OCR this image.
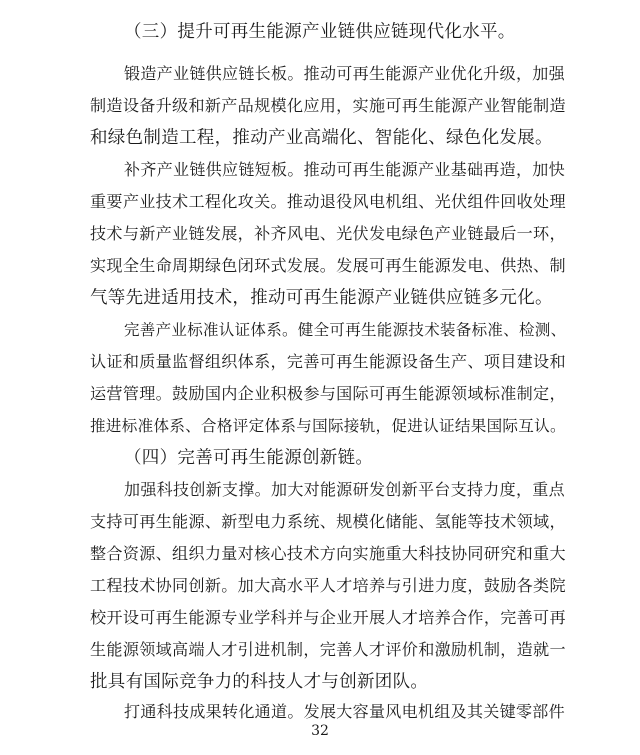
（三）提升可再生能源产业链供应链现代化水平。
锻造产业链供应链长板。推动可再生能源产业优化升级，加强
制造设备升级和新产品规模化应用，实施可再生能源产业智能制造
和绿色制造工程，推动产业高端化、智能化、绿色化发展。
补齐产业链供应链短板。推动可再生能源产业基础再造，加快
重要产业技术工程化攻关。推动退役风电机组、光伏组件回收处理
技术与新产业链发展，补齐风电、光伏发电绿色产业链最后一环，
实现全生命周期绿色闭环式发展。发展可再生能源发电、供热、制
气等先进适用技术，推动可再生能源产业链供应链多元化。
完善产业标准认证体系。健全可再生能源技术装备标准、检测、
认证和质量监督组织体系，完善可再生能源设备生产、项目建设和
运营管理。鼓励国内企业积极参与国际可再生能源领域标准制定，
推进标准体系、合格评定体系与国际接轨，促进认证结果国际互认。
（四）完善可再生能源创新链。
加强科技创新支撑。加大对能源研发创新平台支持力度，重点
支持可再生能源、新型电力系统、规模化储能、氢能等技术领域，
整合资源、组织力量对核心技术方向实施重大科技协同研究和重大
工程技术协同创新。加大高水平人才培养与引进力度，鼓励各类院
校开设可再生能源专业学科并与企业开展人才培养合作，完善可再
生能源领域高端人才引进机制，完善人才评价和激励机制，造就一
批具有国际竞争力的科技人才与创新团队。
打通科技成果转化通道。发展大容量风电机组及其关键零部件
32
